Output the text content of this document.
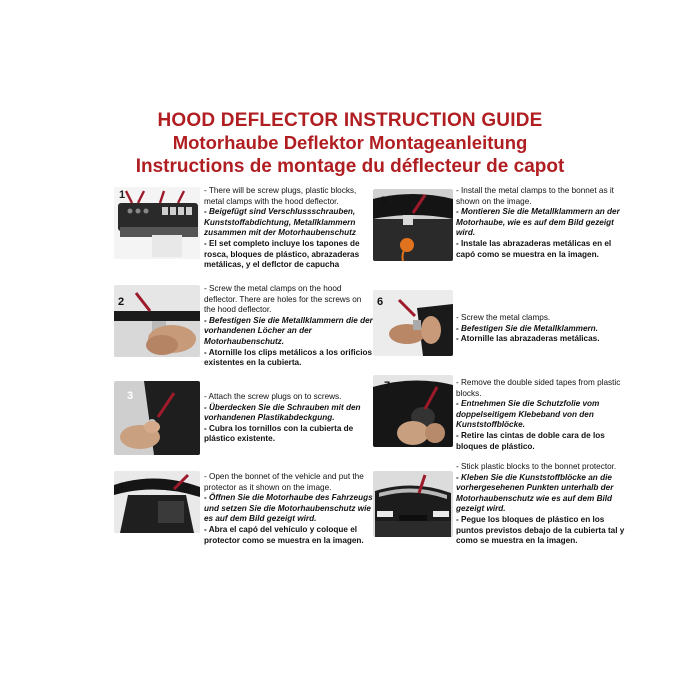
HOOD DEFLECTOR INSTRUCTION GUIDE
Motorhaube Deflektor Montageanleitung
Instructions de montage du déflecteur de capot
1	- There will be screw plugs, plastic blocks, metal clamps with the hood deflector.
- Beigefügt sind Verschlussschrauben, Kunststoffabdichtung, Metallklammern zusammen mit der Motorhaubenschutz
- El set completo incluye los tapones de rosca, bloques de plástico, abrazaderas metálicas, y el deflctor de capucha
2
- Screw the metal clamps on the hood deflector. There are holes for the screws on the hood deflector.
- Befestigen Sie die Metallklammern die der vorhandenen Löcher an der Motorhaubenschutz.
- Atornille los clips metálicos a los orificios existentes en la cubierta.
3	- Attach the screw plugs on to screws.
- Überdecken Sie die Schrauben mit den vorhandenen Plastikabdeckgung.
- Cubra los tornillos con la cubierta de plástico existente.
4
- Open the bonnet of the vehicle and put the protector as it shown on the image.
- Öffnen Sie die Motorhaube des Fahrzeugs und setzen Sie die Motorhaubenschutz wie es auf dem Bild gezeigt wird.
- Abra el capó del vehículo y coloque el protector como se muestra en la imagen.
5
- Install the metal clamps to the bonnet as it shown on the image.
- Montieren Sie die Metallklammern an der Motorhaube, wie es auf dem Bild gezeigt wird.
- Instale las abrazaderas metálicas en el capó como se muestra en la imagen.
6
- Screw the metal clamps.
- Befestigen Sie die Metallklammern.
- Atornille las abrazaderas metálicas.
7	- Remove the double sided tapes from plastic blocks.
- Entnehmen Sie die Schutzfolie vom doppelseitigem Klebeband von den Kunststoffblöcke.
- Retire las cintas de doble cara de los bloques de plástico.
- Stick plastic blocks to the bonnet protector.
- Kleben Sie die Kunststoffblöcke an die vorhergesehenen Punkten unterhalb der Motorhaubenschutz wie es auf dem Bild gezeigt wird.
- Pegue los bloques de plástico en los puntos previstos debajo de la cubierta tal y como se muestra en la imagen.
